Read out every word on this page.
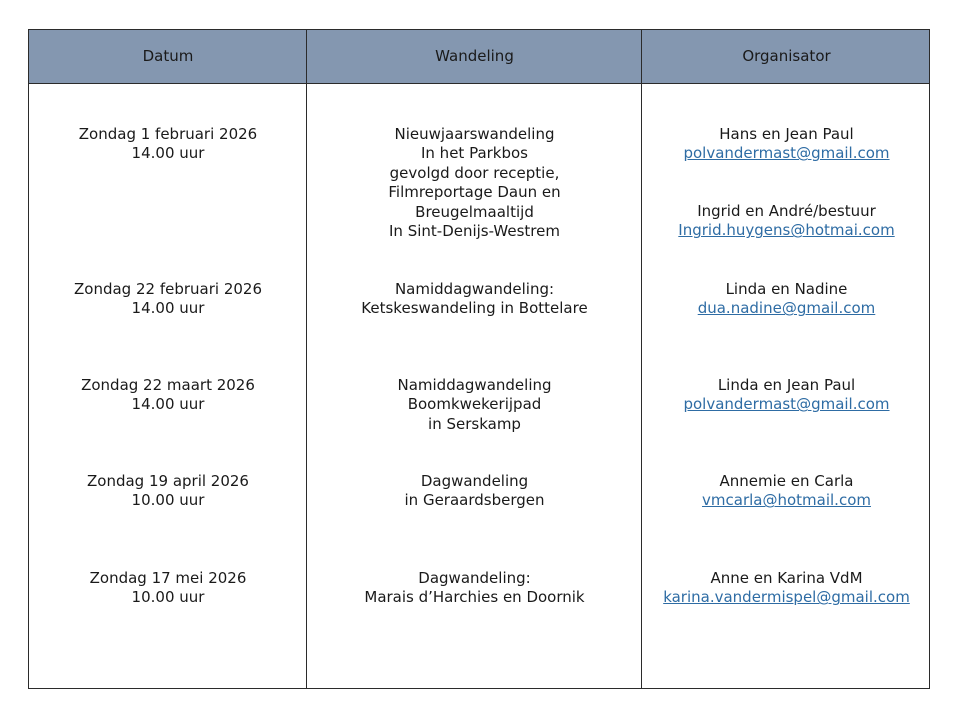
Datum	Wandeling	Organisator
Zondag 1 februari 2026
14.00 uur
Nieuwjaarswandeling
In het Parkbos
gevolgd door receptie,
Filmreportage Daun en
Breugelmaaltijd
In Sint-Denijs-Westrem
Hans en Jean Paul
polvandermast@gmail.com
Ingrid en André/bestuur
Ingrid.huygens@hotmai.com
Zondag 22 februari 2026
14.00 uur
Namiddagwandeling:
Ketskeswandeling in Bottelare
Linda en Nadine
dua.nadine@gmail.com
Zondag 22 maart 2026
14.00 uur
Namiddagwandeling
Boomkwekerijpad
in Serskamp
Linda en Jean Paul
polvandermast@gmail.com
Zondag 19 april 2026
10.00 uur
Dagwandeling
in Geraardsbergen
Annemie en Carla
vmcarla@hotmail.com
Zondag 17 mei 2026
10.00 uur
Dagwandeling:
Marais d’Harchies en Doornik
Anne en Karina VdM
karina.vandermispel@gmail.com
